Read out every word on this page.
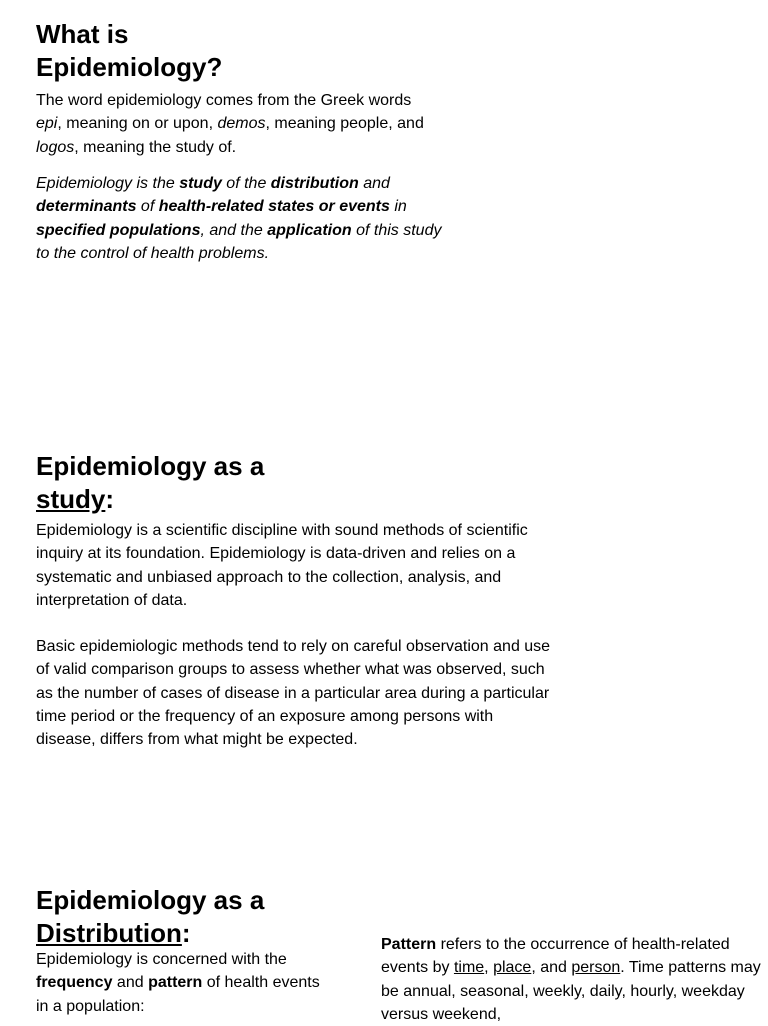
What is
Epidemiology?

The word epidemiology comes from the Greek words epi, meaning on or upon, demos, meaning people, and logos, meaning the study of.

Epidemiology is the study of the distribution and determinants of health-related states or events in specified populations, and the application of this study to the control of health problems.

Epidemiology as a
study:

Epidemiology is a scientific discipline with sound methods of scientific inquiry at its foundation. Epidemiology is data-driven and relies on a systematic and unbiased approach to the collection, analysis, and interpretation of data.

Basic epidemiologic methods tend to rely on careful observation and use of valid comparison groups to assess whether what was observed, such as the number of cases of disease in a particular area during a particular time period or the frequency of an exposure among persons with disease, differs from what might be expected.

Epidemiology as a
Distribution:

Epidemiology is concerned with the frequency and pattern of health events in a population:

Pattern refers to the occurrence of health-related events by time, place, and person. Time patterns may be annual, seasonal, weekly, daily, hourly, weekday versus weekend,
